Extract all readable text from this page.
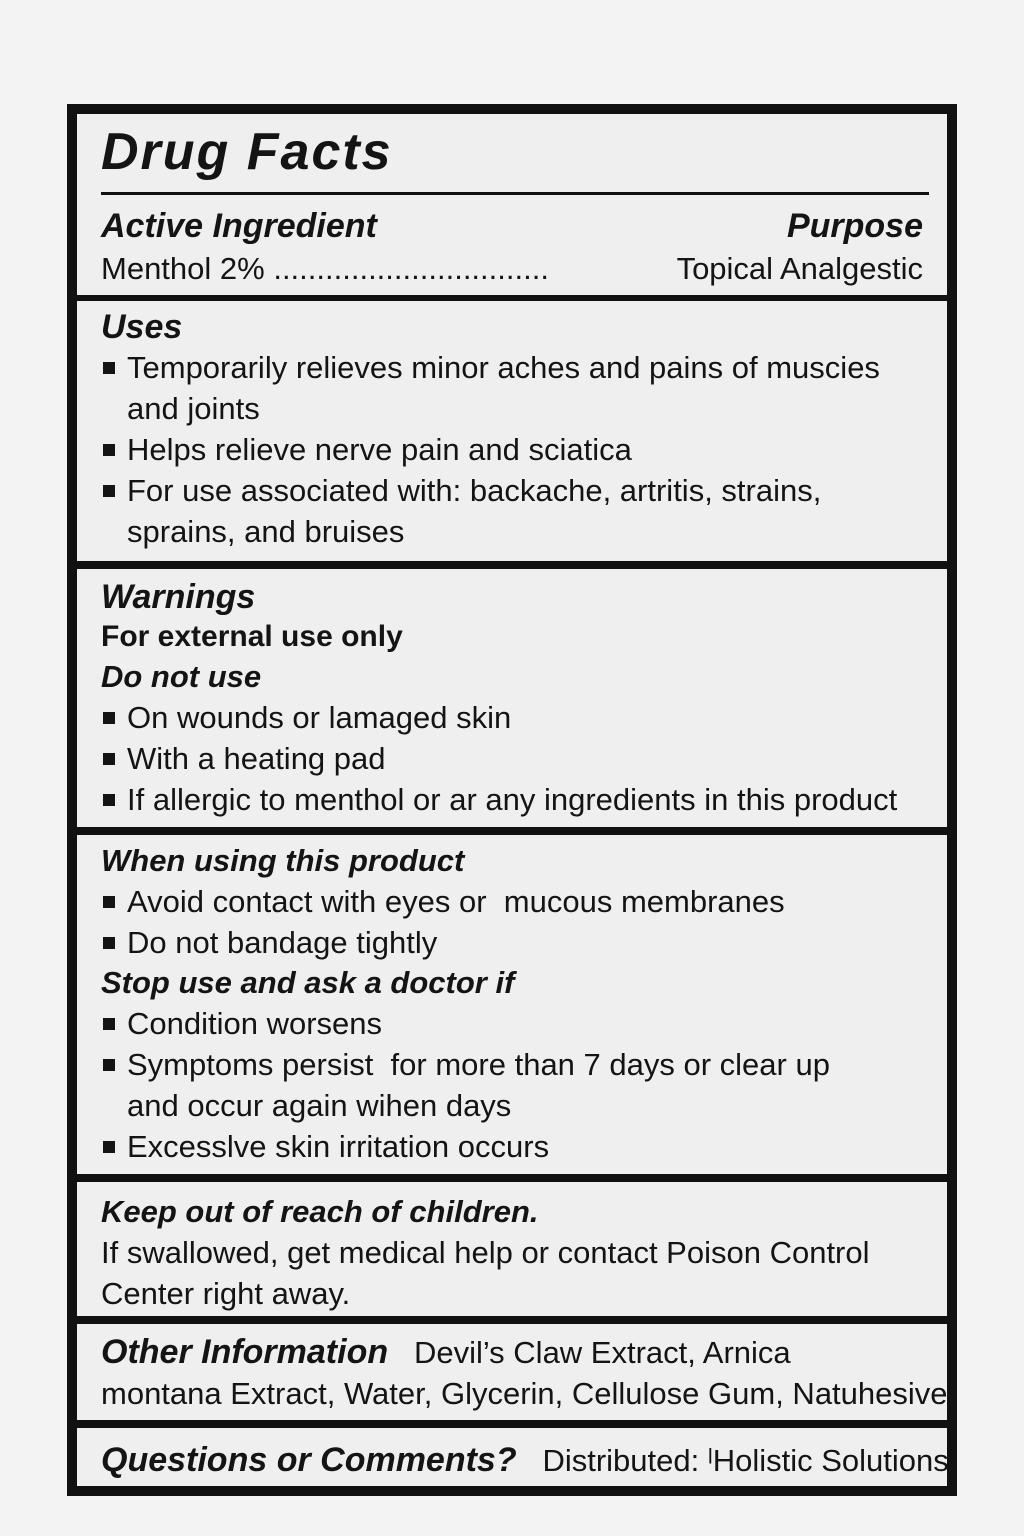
Drug Facts
Active Ingredient	Purpose
Menthol 2% ................................	Topical Analgestic
Uses
Temporarily relieves minor aches and pains of muscies and joints
Helps relieve nerve pain and sciatica
For use associated with: backache, artritis, strains, sprains, and bruises
Warnings

For external use only

Do not use
On wounds or lamaged skin
With a heating pad
If allergic to menthol or ar any ingredients in this product
When using this product
Avoid contact with eyes or  mucous membranes
Do not bandage tightly
Stop use and ask a doctor if
Condition worsens
Symptoms persist  for more than 7 days or clear up and occur again wihen days
Excesslve skin irritation occurs
Keep out of reach of children.

If swallowed, get medical help or contact Poison Control Center right away.

Other Information Devil’s Claw Extract, Arnica

montana Extract, Water, Glycerin, Cellulose Gum, Natuhesive

Questions or Comments? Distributed: ˡHolistic Solutions
